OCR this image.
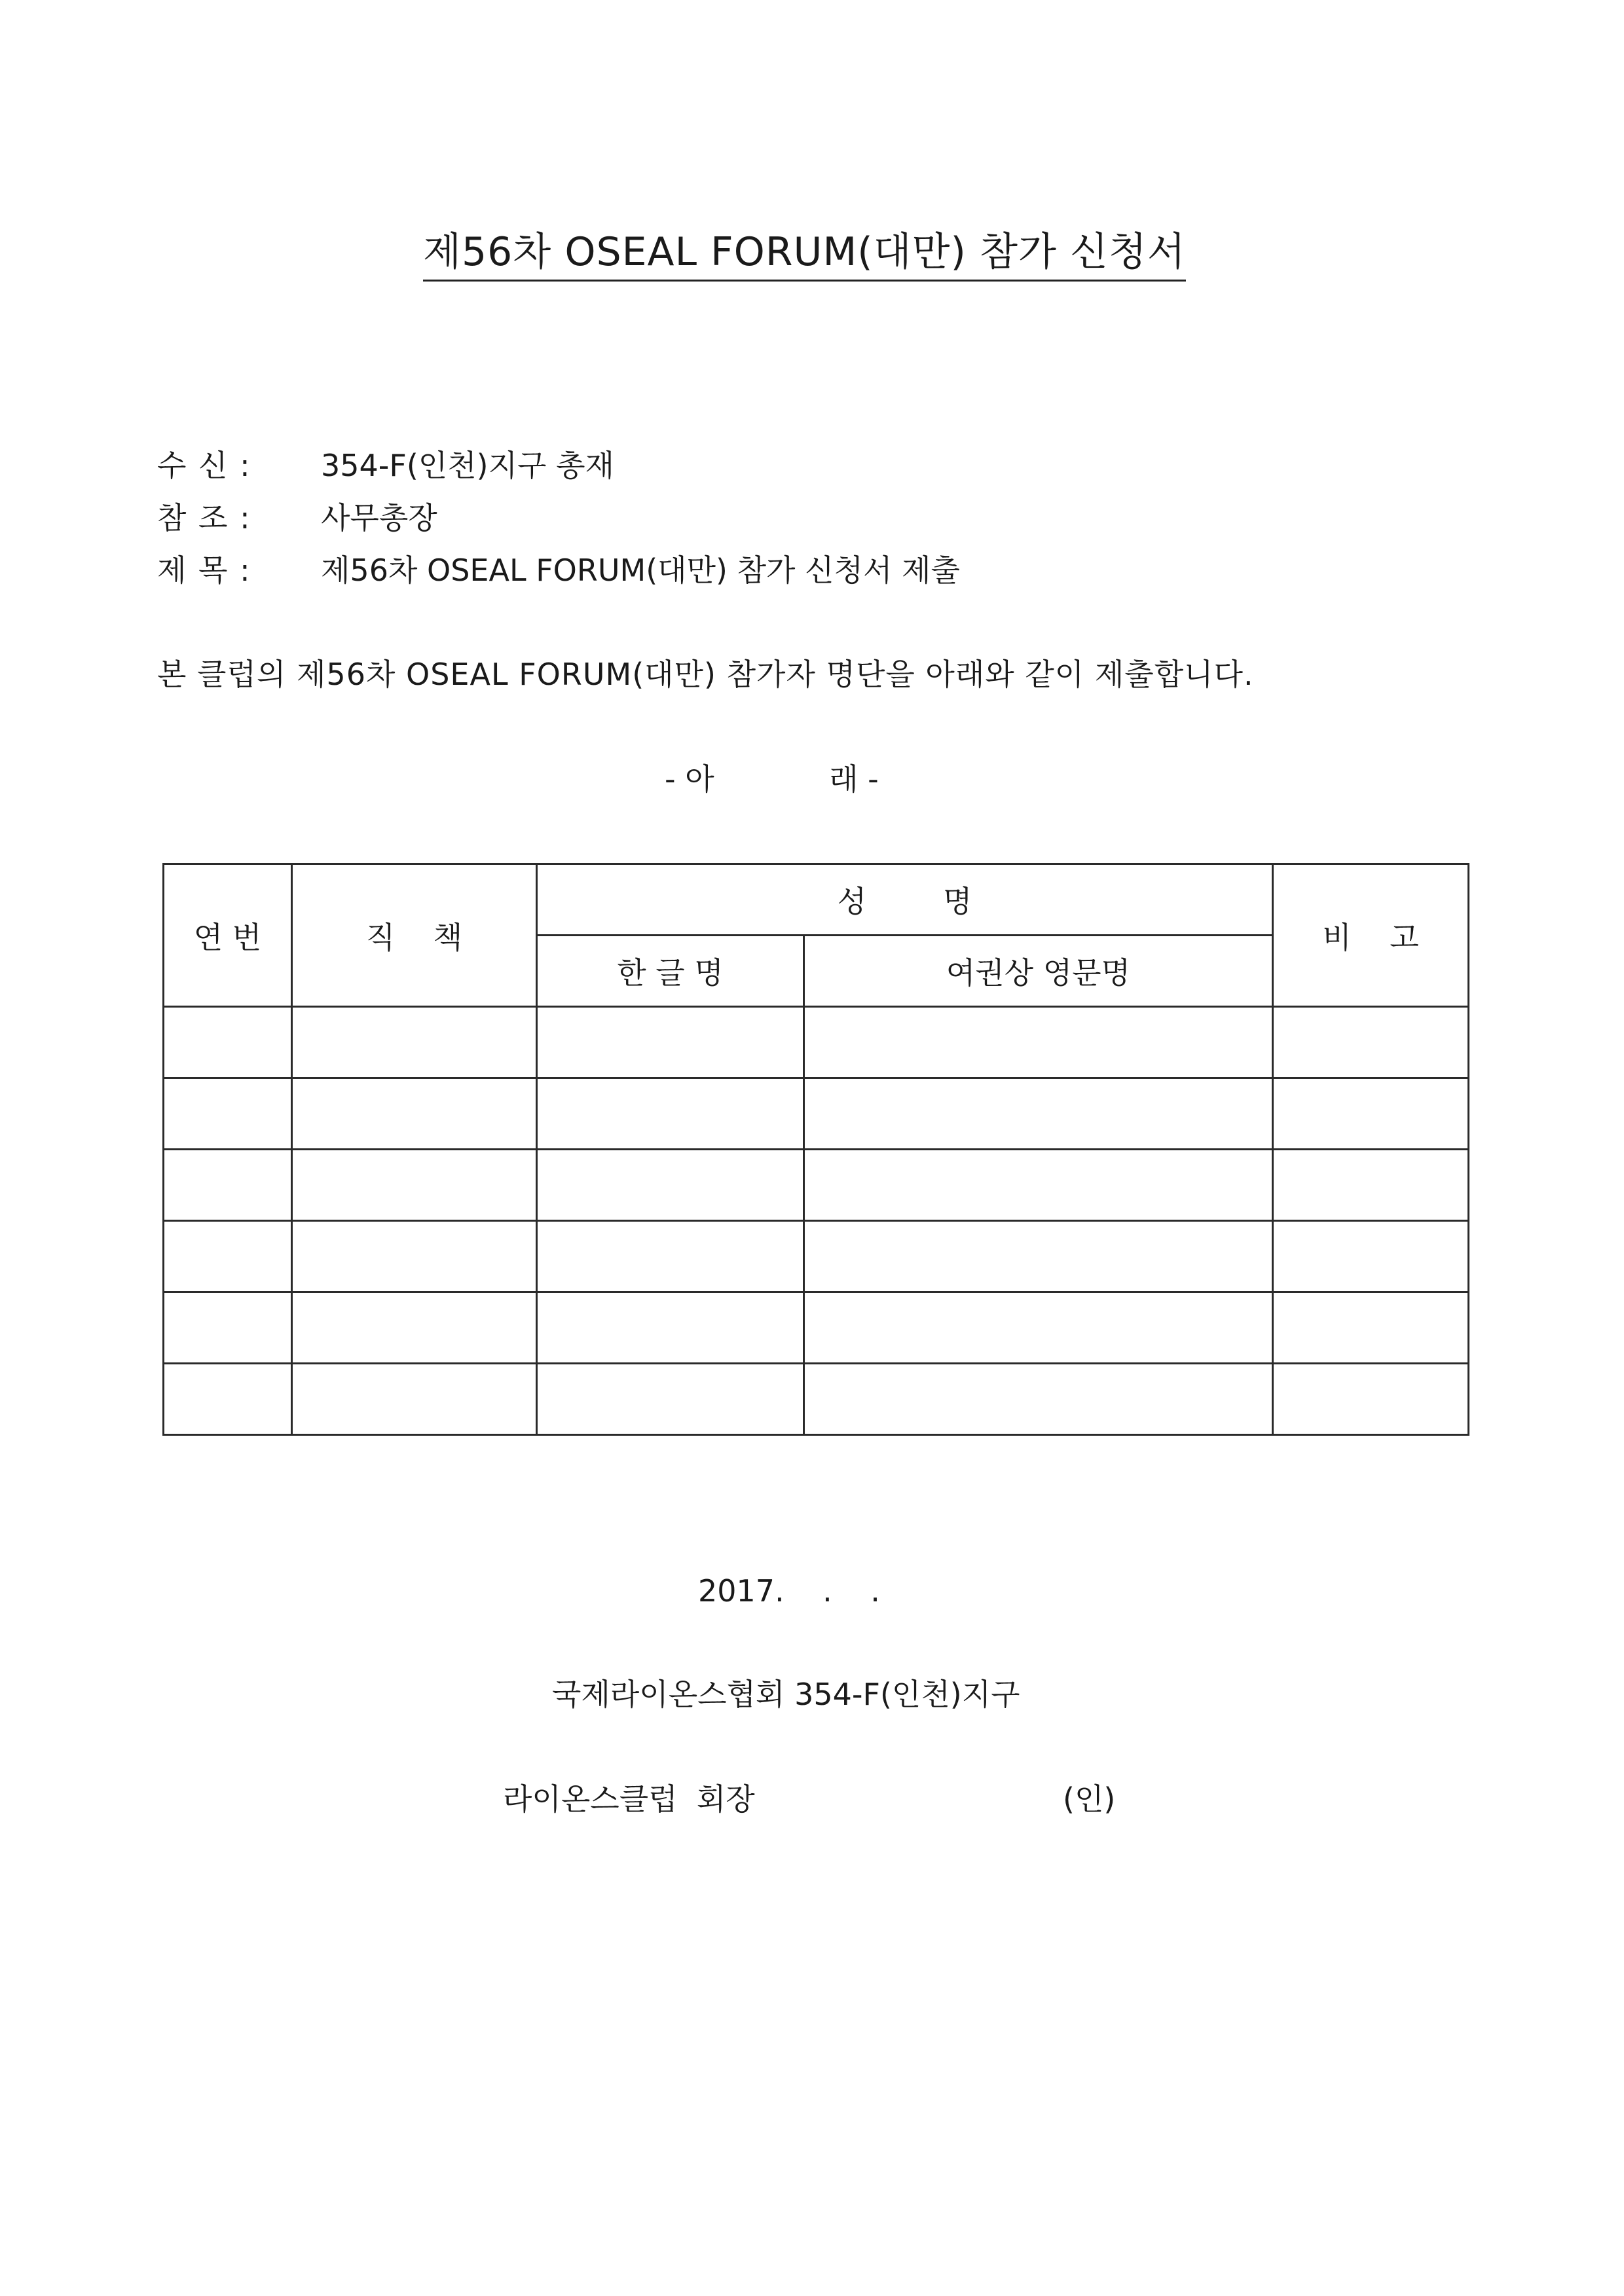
제56차 OSEAL FORUM(대만) 참가 신청서
수 신 :	354-F(인천)지구 총재
참 조 :	사무총장
제 목 :	제56차 OSEAL FORUM(대만) 참가 신청서 제출
본 클럽의 제56차 OSEAL FORUM(대만) 참가자 명단을 아래와 같이 제출합니다.
- 아            래 -
연 번	직    책	성        명		비    고
		한 글 명	여권상 영문명	

2017.    .    .
국제라이온스협회 354-F(인천)지구
라이온스클럽  회장	(인)
